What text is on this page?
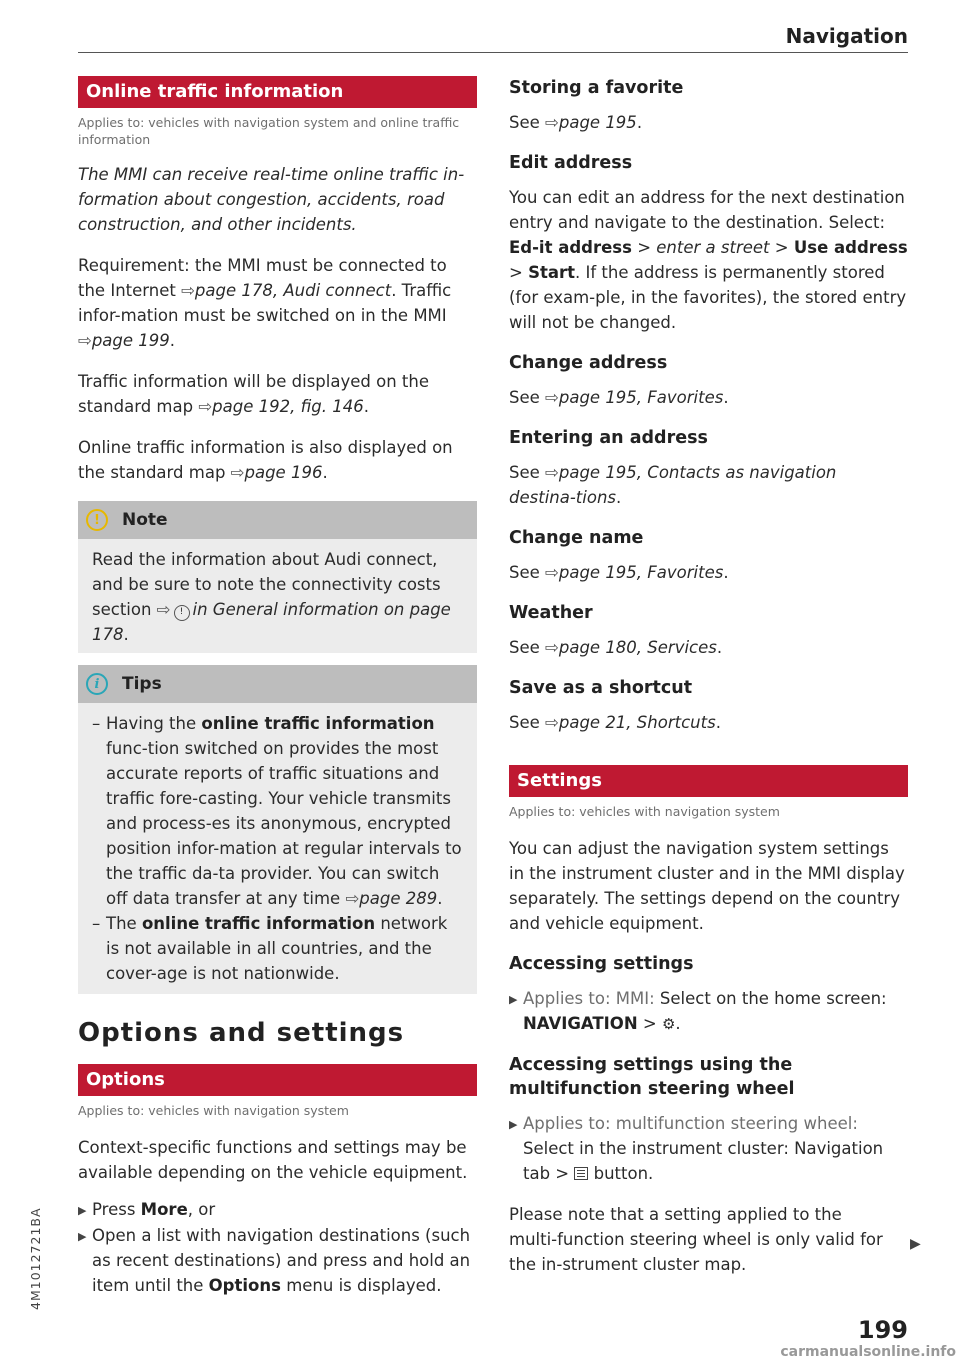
Navigation
Online traffic information
Applies to: vehicles with navigation system and online traffic information

The MMI can receive real-time online traffic in-formation about congestion, accidents, road construction, and other incidents.

Requirement: the MMI must be connected to the Internet ⇨page 178, Audi connect. Traffic infor-mation must be switched on in the MMI ⇨page 199.

Traffic information will be displayed on the standard map ⇨page 192, fig. 146.

Online traffic information is also displayed on the standard map ⇨page 196.

!	Note

Read the information about Audi connect, and be sure to note the connectivity costs section ⇨ ! in General information on page 178.

i	Tips
– Having the online traffic information func-tion switched on provides the most accurate reports of traffic situations and traffic fore-casting. Your vehicle transmits and process-es its anonymous, encrypted position infor-mation at regular intervals to the traffic da-ta provider. You can switch off data transfer at any time ⇨page 289.
– The online traffic information network is not available in all countries, and the cover-age is not nationwide.
Options and settings
Options
Applies to: vehicles with navigation system

Context-specific functions and settings may be available depending on the vehicle equipment.

▶ Press More, or
▶ Open a list with navigation destinations (such as recent destinations) and press and hold an item until the Options menu is displayed.
Storing a favorite

See ⇨page 195.

Edit address

You can edit an address for the next destination entry and navigate to the destination. Select: Ed-it address > enter a street > Use address > Start. If the address is permanently stored (for exam-ple, in the favorites), the stored entry will not be changed.

Change address

See ⇨page 195, Favorites.

Entering an address

See ⇨page 195, Contacts as navigation destina-tions.

Change name

See ⇨page 195, Favorites.

Weather

See ⇨page 180, Services.

Save as a shortcut

See ⇨page 21, Shortcuts.

Settings
Applies to: vehicles with navigation system

You can adjust the navigation system settings in the instrument cluster and in the MMI display separately. The settings depend on the country and vehicle equipment.

Accessing settings
▶ Applies to: MMI: Select on the home screen: NAVIGATION > ⚙.
Accessing settings using the multifunction steering wheel
▶ Applies to: multifunction steering wheel: Select in the instrument cluster: Navigation tab >  button.

Please note that a setting applied to the multi-function steering wheel is only valid for the in-strument cluster map.

▶
4M1012721BA
199
carmanualsonline.info
